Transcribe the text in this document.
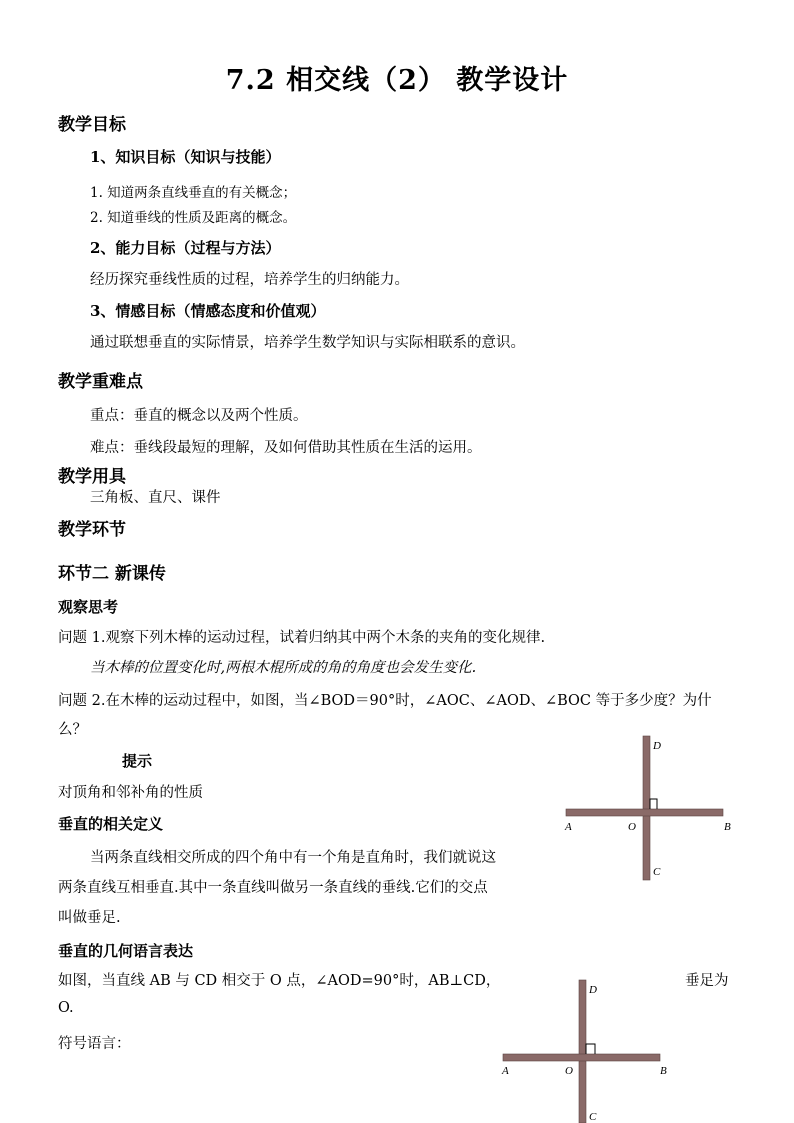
7.2 相交线（2） 教学设计
教学目标
1、知识目标（知识与技能）
1. 知道两条直线垂直的有关概念；
2. 知道垂线的性质及距离的概念。
2、能力目标（过程与方法）
经历探究垂线性质的过程，培养学生的归纳能力。
3、情感目标（情感态度和价值观）
通过联想垂直的实际情景，培养学生数学知识与实际相联系的意识。
教学重难点
重点：垂直的概念以及两个性质。
难点：垂线段最短的理解，及如何借助其性质在生活的运用。
教学用具
三角板、直尺、课件
教学环节
环节二 新课传
观察思考
问题 1.观察下列木棒的运动过程，试着归纳其中两个木条的夹角的变化规律.
当木棒的位置变化时,两根木棍所成的角的角度也会发生变化.
问题 2.在木棒的运动过程中，如图，当∠BOD＝90°时，∠AOC、∠AOD、∠BOC 等于多少度？为什
么？
提示
对顶角和邻补角的性质
垂直的相关定义
当两条直线相交所成的四个角中有一个角是直角时，我们就说这
两条直线互相垂直.其中一条直线叫做另一条直线的垂线.它们的交点
叫做垂足.
垂直的几何语言表达
如图，当直线 AB 与 CD 相交于 O 点，∠AOD=90°时，AB⊥CD，	垂足为
O.
符号语言：
D
A	O	B
C
D
A	O	B
C
